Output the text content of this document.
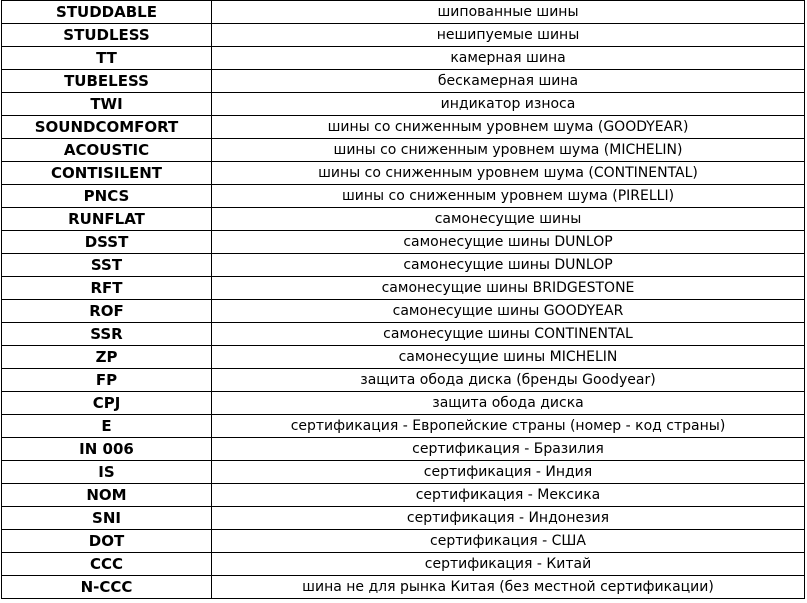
STUDDABLE	шипованные шины
STUDLESS	нешипуемые шины
TT	камерная шина
TUBELESS	бескамерная шина
TWI	индикатор износа
SOUNDCOMFORT	шины со сниженным уровнем шума (GOODYEAR)
ACOUSTIC	шины со сниженным уровнем шума (MICHELIN)
CONTISILENT	шины со сниженным уровнем шума (CONTINENTAL)
PNCS	шины со сниженным уровнем шума (PIRELLI)
RUNFLAT	самонесущие шины
DSST	самонесущие шины DUNLOP
SST	самонесущие шины DUNLOP
RFT	самонесущие шины BRIDGESTONE
ROF	самонесущие шины GOODYEAR
SSR	самонесущие шины CONTINENTAL
ZP	самонесущие шины MICHELIN
FP	защита обода диска (бренды Goodyear)
CPJ	защита обода диска
E	сертификация - Европейские страны (номер - код страны)
IN 006	сертификация - Бразилия
IS	сертификация - Индия
NOM	сертификация - Мексика
SNI	сертификация - Индонезия
DOT	сертификация - США
CCC	сертификация - Китай
N-CCC	шина не для рынка Китая (без местной сертификации)
